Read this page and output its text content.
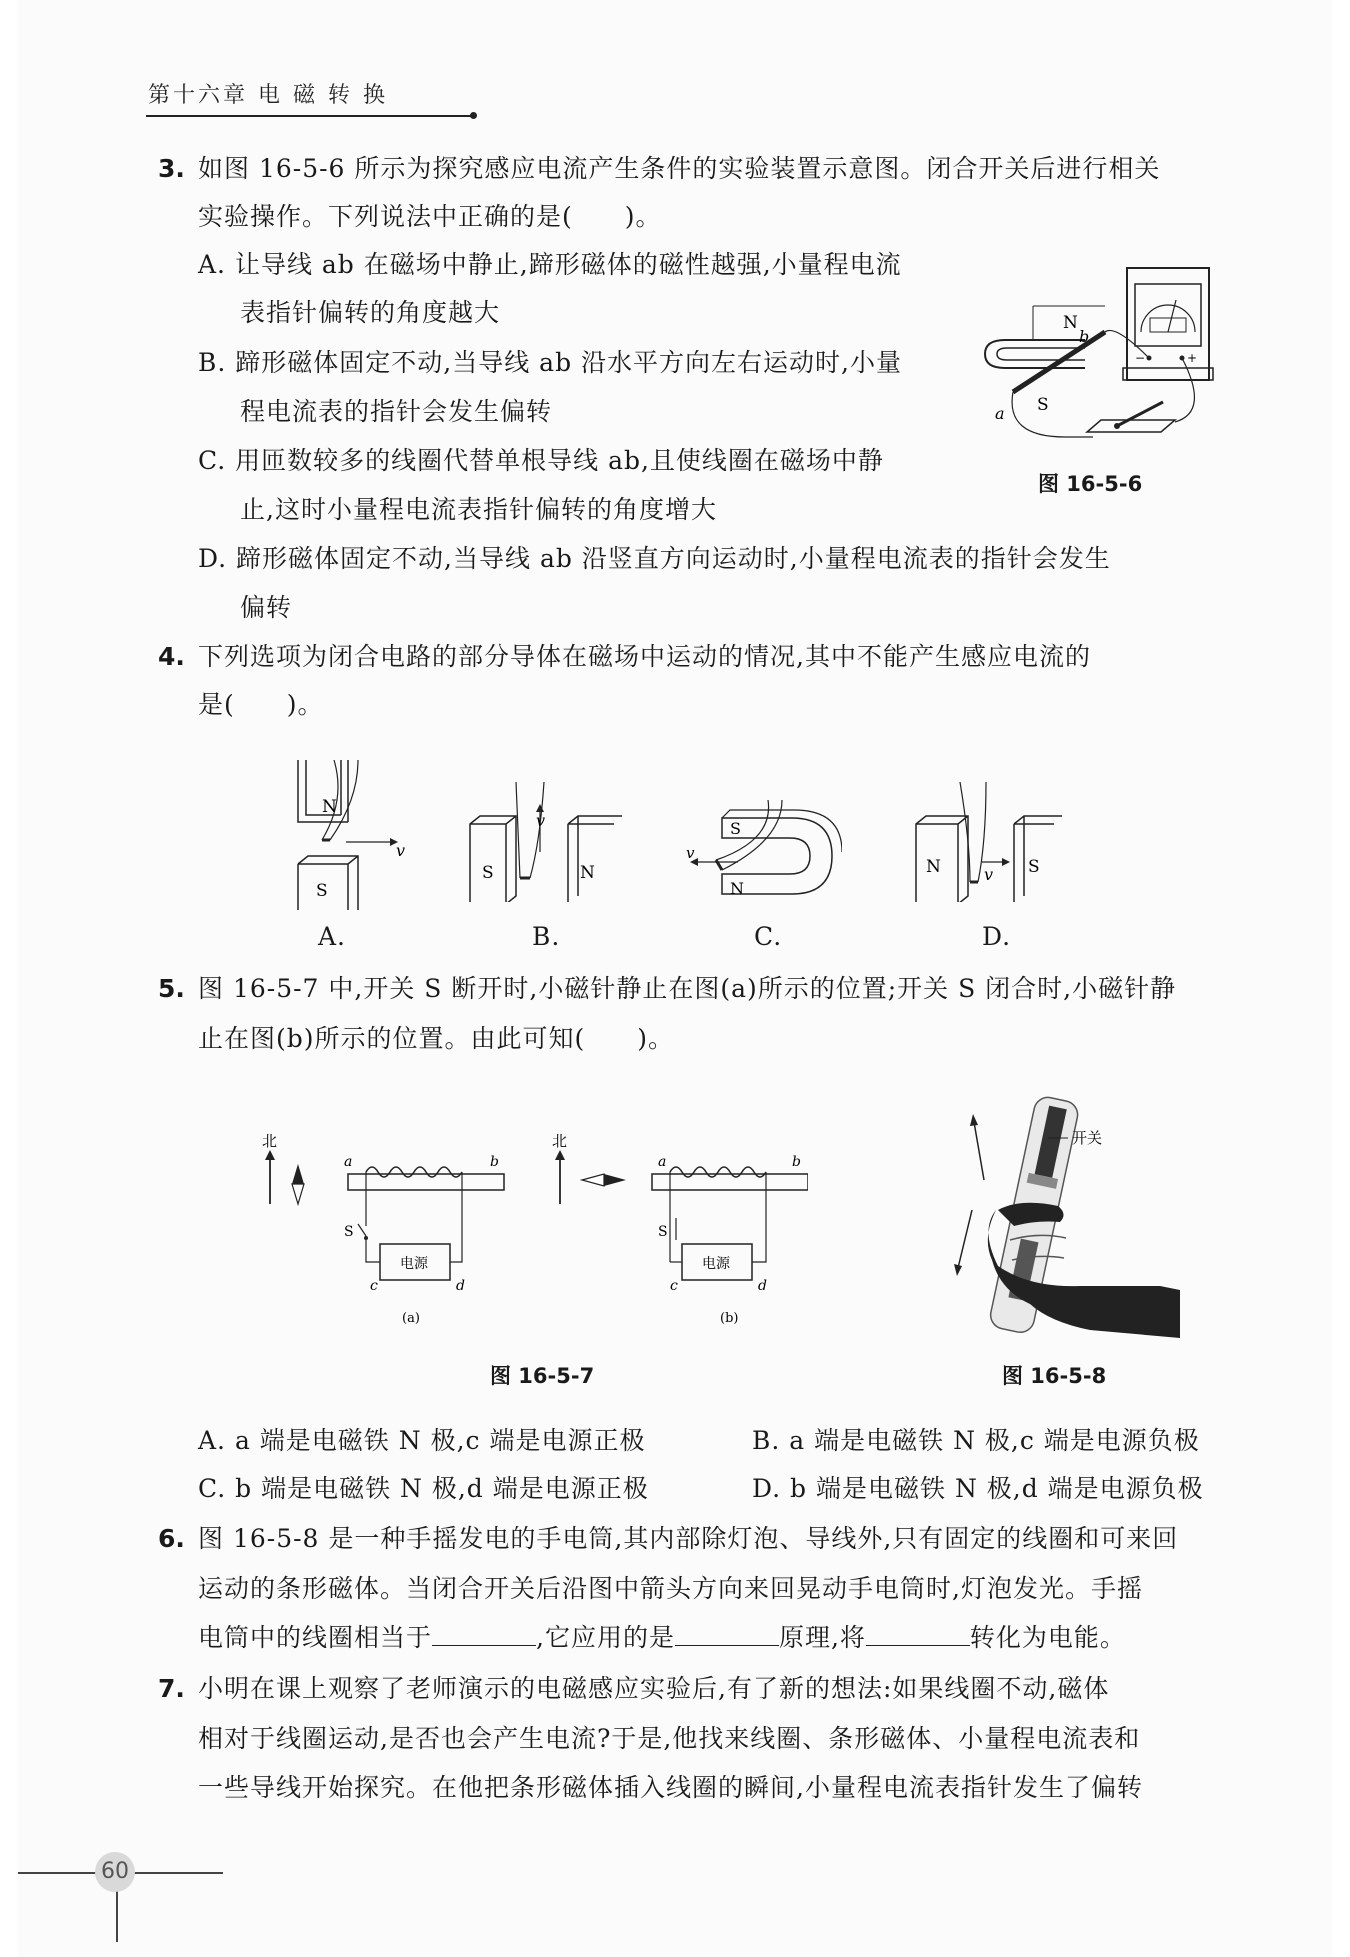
第十六章 电 磁 转 换
3. 如图 16-5-6 所示为探究感应电流产生条件的实验装置示意图。闭合开关后进行相关
实验操作。下列说法中正确的是(　　)。
A. 让导线 ab 在磁场中静止,蹄形磁体的磁性越强,小量程电流
表指针偏转的角度越大
B. 蹄形磁体固定不动,当导线 ab 沿水平方向左右运动时,小量
程电流表的指针会发生偏转
C. 用匝数较多的线圈代替单根导线 ab,且使线圈在磁场中静
止,这时小量程电流表指针偏转的角度增大
D. 蹄形磁体固定不动,当导线 ab 沿竖直方向运动时,小量程电流表的指针会发生
偏转
−	+
N
b
S
a
图 16-5-6
4. 下列选项为闭合电路的部分导体在磁场中运动的情况,其中不能产生感应电流的
是(　　)。
N
v
S
A.
v
S	N
B.
S
N
v
C.
v
N	S
D.
5. 图 16-5-7 中,开关 S 断开时,小磁针静止在图(a)所示的位置;开关 S 闭合时,小磁针静
止在图(b)所示的位置。由此可知(　　)。
北
a	b
S
电源
c	d
(a)
北
a	b
S
电源
c	d
(b)
开关
图 16-5-7	图 16-5-8
A. a 端是电磁铁 N 极,c 端是电源正极	B. a 端是电磁铁 N 极,c 端是电源负极
C. b 端是电磁铁 N 极,d 端是电源正极	D. b 端是电磁铁 N 极,d 端是电源负极
6. 图 16-5-8 是一种手摇发电的手电筒,其内部除灯泡、导线外,只有固定的线圈和可来回
运动的条形磁体。当闭合开关后沿图中箭头方向来回晃动手电筒时,灯泡发光。手摇
电筒中的线圈相当于	,它应用的是	原理,将	转化为电能。
7. 小明在课上观察了老师演示的电磁感应实验后,有了新的想法:如果线圈不动,磁体
相对于线圈运动,是否也会产生电流?于是,他找来线圈、条形磁体、小量程电流表和
一些导线开始探究。在他把条形磁体插入线圈的瞬间,小量程电流表指针发生了偏转
60
